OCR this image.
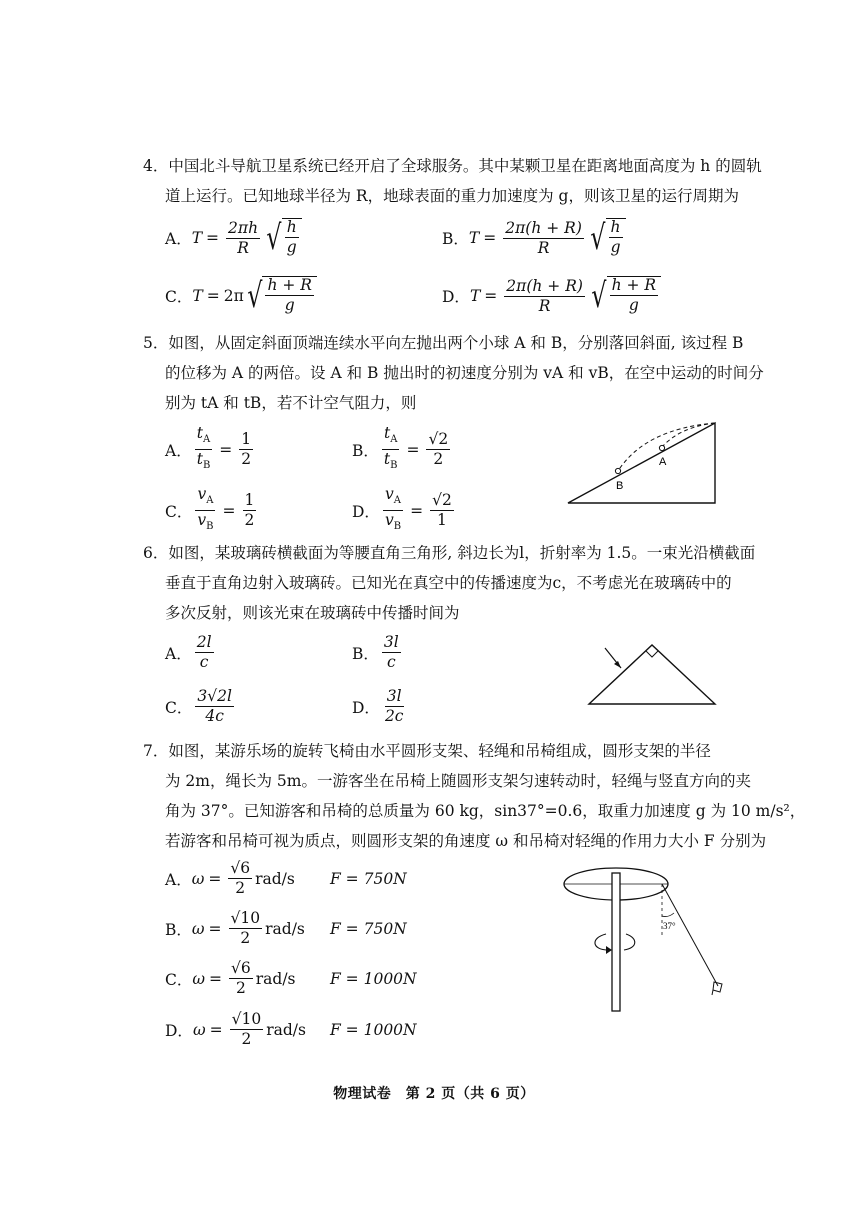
4．中国北斗导航卫星系统已经开启了全球服务。其中某颗卫星在距离地面高度为 h 的圆轨
道上运行。已知地球半径为 R，地球表面的重力加速度为 g，则该卫星的运行周期为
A． $T = \frac{2\pi h}{R}$ √ $\frac{h}{g}$	B． $T = \frac{2\pi(h + R)}{R}$ √ $\frac{h}{g}$
C． T = 2π √ $\frac{h + R}{g}$	D． $T = \frac{2\pi(h + R)}{R}$ √ $\frac{h + R}{g}$
5．如图，从固定斜面顶端连续水平向左抛出两个小球 A 和 B，分别落回斜面, 该过程 B
的位移为 A 的两倍。设 A 和 B 抛出时的初速度分别为 vA 和 vB，在空中运动的时间分
别为 tA 和 tB，若不计空气阻力，则
A． $\frac{t_A}{t_B} = \frac{1}{2}$	B． $\frac{t_A}{t_B} = \frac{√2}{2}$
C． $\frac{v_A}{v_B} = \frac{1}{2}$	D． $\frac{v_A}{v_B} = \frac{√2}{1}$
B
A
6．如图，某玻璃砖横截面为等腰直角三角形, 斜边长为l，折射率为 1.5。一束光沿横截面
垂直于直角边射入玻璃砖。已知光在真空中的传播速度为c，不考虑光在玻璃砖中的
多次反射，则该光束在玻璃砖中传播时间为
A． $\frac{2l}{c}$	B． $\frac{3l}{c}$
C． $\frac{3√2l}{4c}$	D． $\frac{3l}{2c}$
7．如图，某游乐场的旋转飞椅由水平圆形支架、轻绳和吊椅组成，圆形支架的半径
为 2m，绳长为 5m。一游客坐在吊椅上随圆形支架匀速转动时，轻绳与竖直方向的夹
角为 37°。已知游客和吊椅的总质量为 60 kg，sin37°=0.6，取重力加速度 g 为 10 m/s²，
若游客和吊椅可视为质点，则圆形支架的角速度 ω 和吊椅对轻绳的作用力大小 F 分别为
A． $\omega = \frac{√6}{2} rad/s$ F = 750N
B． $\omega = \frac{√10}{2} rad/s$ F = 750N
C． $\omega = \frac{√6}{2} rad/s$ F = 1000N
D． $\omega = \frac{√10}{2} rad/s$ F = 1000N
37°
物理试卷　第 2 页（共 6 页）
